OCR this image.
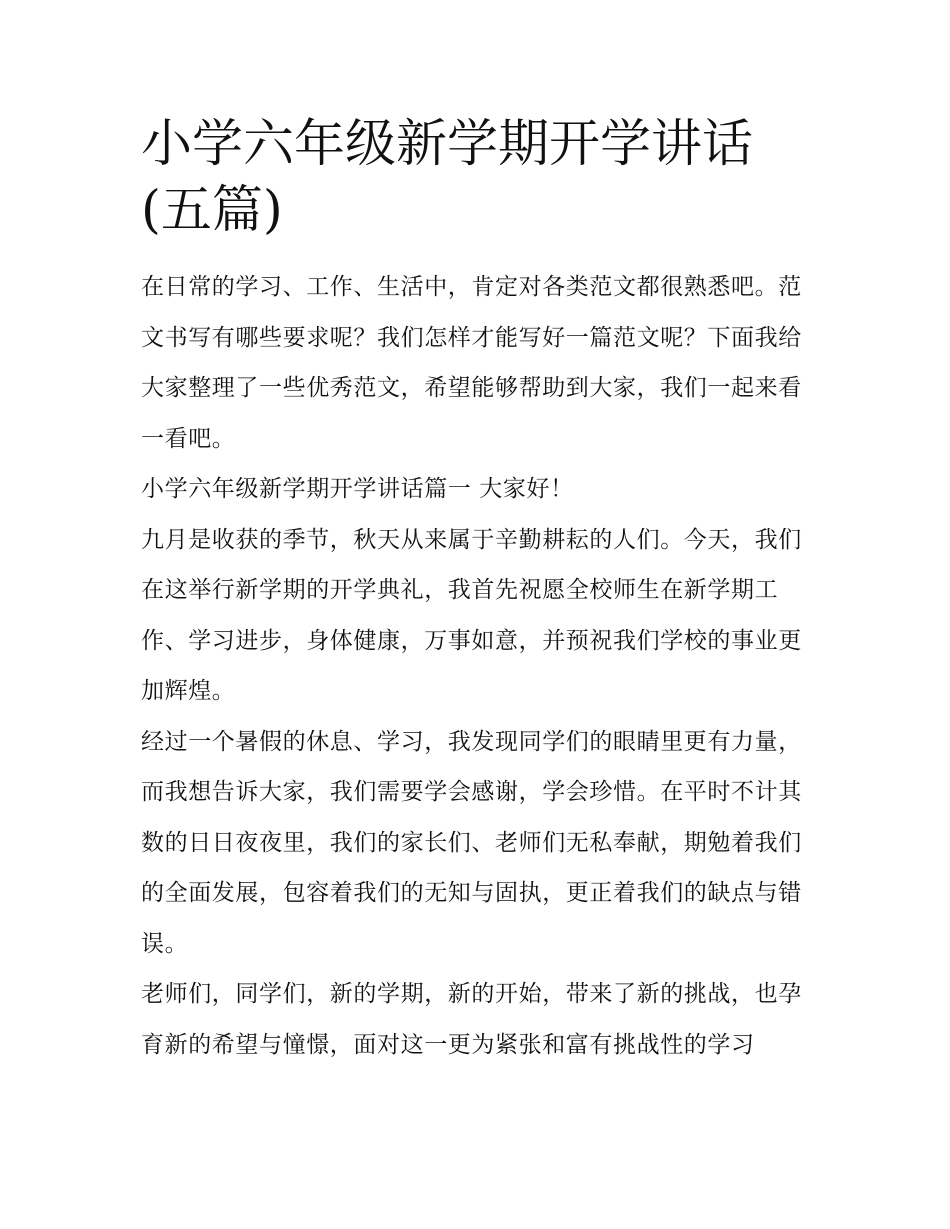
小学六年级新学期开学讲话(五篇)

在日常的学习、工作、生活中，肯定对各类范文都很熟悉吧。范文书写有哪些要求呢？我们怎样才能写好一篇范文呢？下面我给大家整理了一些优秀范文，希望能够帮助到大家，我们一起来看一看吧。

小学六年级新学期开学讲话篇一 大家好！

九月是收获的季节，秋天从来属于辛勤耕耘的人们。今天，我们在这举行新学期的开学典礼，我首先祝愿全校师生在新学期工作、学习进步，身体健康，万事如意，并预祝我们学校的事业更加辉煌。

经过一个暑假的休息、学习，我发现同学们的眼睛里更有力量，而我想告诉大家，我们需要学会感谢，学会珍惜。在平时不计其数的日日夜夜里，我们的家长们、老师们无私奉献，期勉着我们的全面发展，包容着我们的无知与固执，更正着我们的缺点与错误。

老师们，同学们，新的学期，新的开始，带来了新的挑战，也孕育新的希望与憧憬，面对这一更为紧张和富有挑战性的学习
